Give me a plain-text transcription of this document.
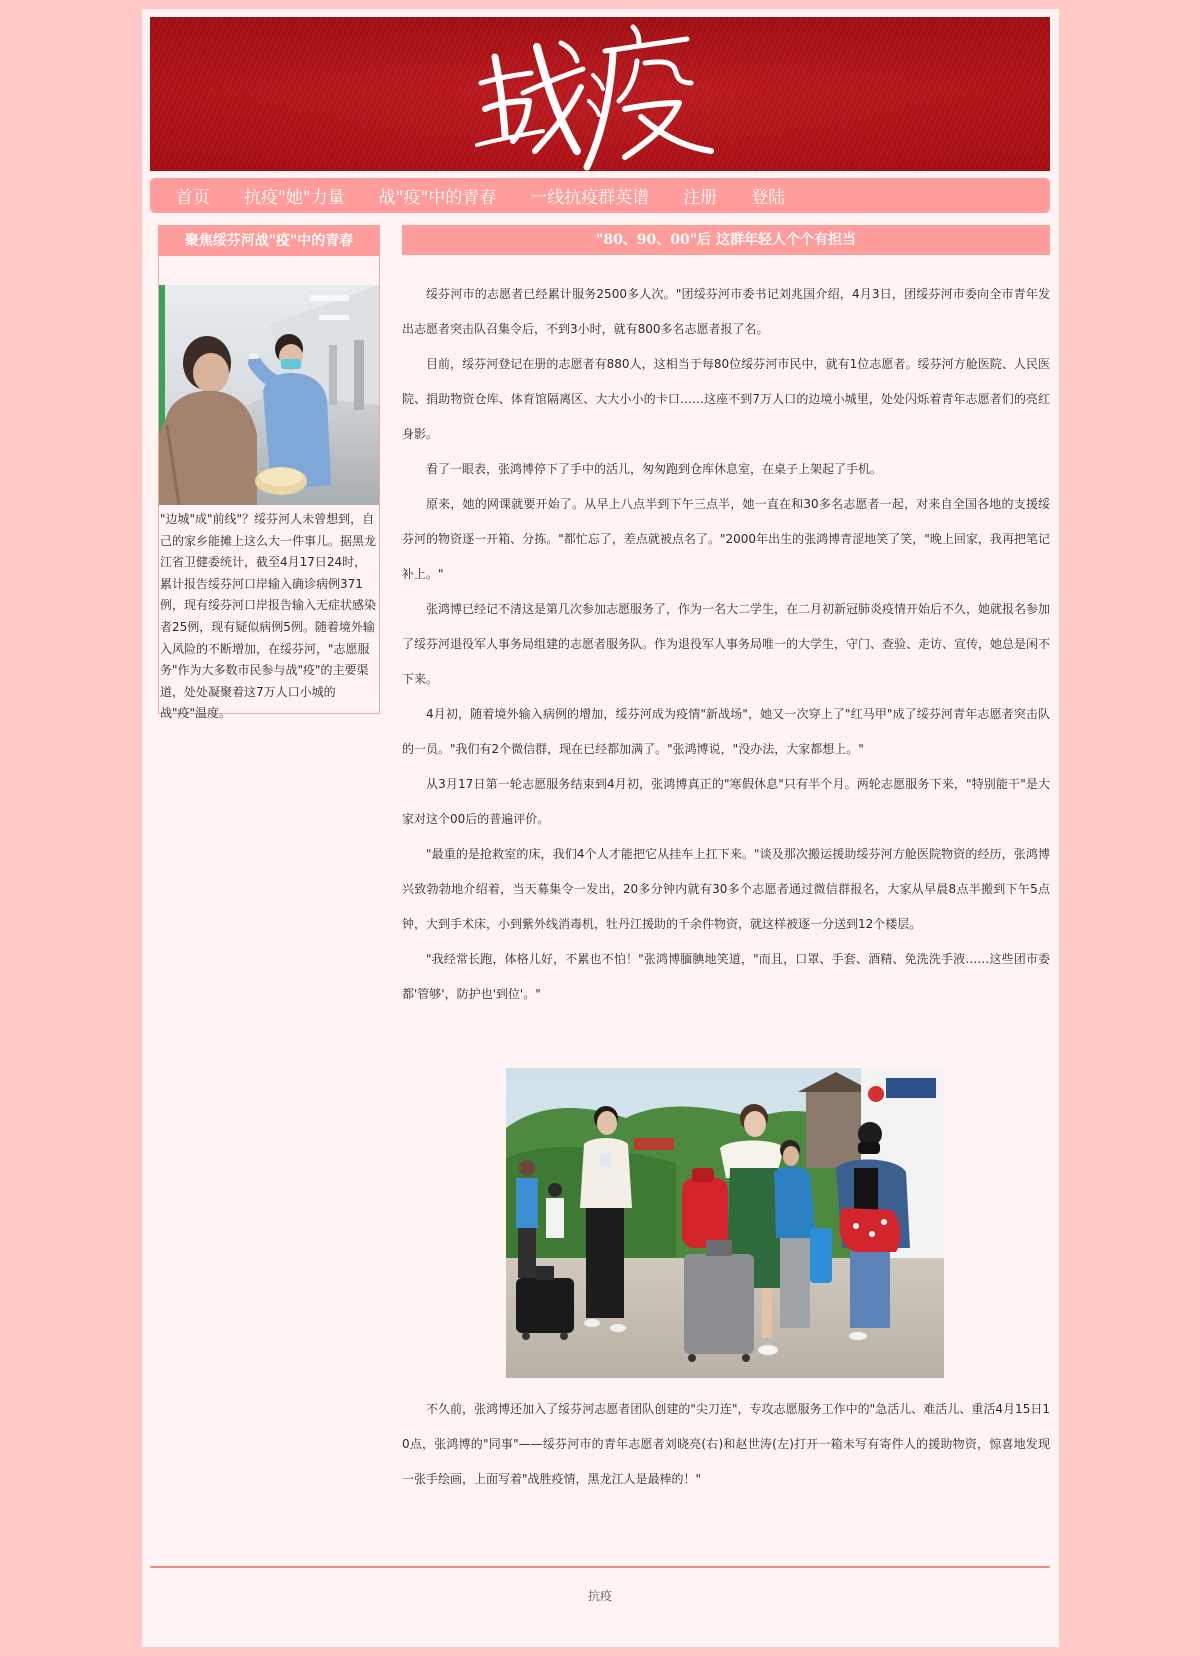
首页 抗疫"她"力量 战"疫"中的青春 一线抗疫群英谱 注册 登陆
聚焦绥芬河战"疫"中的青春
"边城"成"前线"？绥芬河人未曾想到，自己的家乡能摊上这么大一件事儿。据黑龙江省卫健委统计，截至4月17日24时，累计报告绥芬河口岸输入确诊病例371例，现有绥芬河口岸报告输入无症状感染者25例，现有疑似病例5例。随着境外输入风险的不断增加，在绥芬河，"志愿服务"作为大多数市民参与战"疫"的主要渠道，处处凝聚着这7万人口小城的战"疫"温度。
"80、90、00"后 这群年轻人个个有担当

绥芬河市的志愿者已经累计服务2500多人次。"团绥芬河市委书记刘兆国介绍，4月3日，团绥芬河市委向全市青年发出志愿者突击队召集令后，不到3小时，就有800多名志愿者报了名。

目前，绥芬河登记在册的志愿者有880人，这相当于每80位绥芬河市民中，就有1位志愿者。绥芬河方舱医院、人民医院、捐助物资仓库、体育馆隔离区、大大小小的卡口……这座不到7万人口的边境小城里，处处闪烁着青年志愿者们的亮红身影。

看了一眼表，张鸿博停下了手中的活儿，匆匆跑到仓库休息室，在桌子上架起了手机。

原来，她的网课就要开始了。从早上八点半到下午三点半，她一直在和30多名志愿者一起，对来自全国各地的支援绥芬河的物资逐一开箱、分拣。"都忙忘了，差点就被点名了。"2000年出生的张鸿博青涩地笑了笑，"晚上回家，我再把笔记补上。"

张鸿博已经记不清这是第几次参加志愿服务了，作为一名大二学生，在二月初新冠肺炎疫情开始后不久，她就报名参加了绥芬河退役军人事务局组建的志愿者服务队。作为退役军人事务局唯一的大学生，守门、查验、走访、宣传，她总是闲不下来。

4月初，随着境外输入病例的增加，绥芬河成为疫情"新战场"，她又一次穿上了"红马甲"成了绥芬河青年志愿者突击队的一员。"我们有2个微信群，现在已经都加满了。"张鸿博说，"没办法，大家都想上。"

从3月17日第一轮志愿服务结束到4月初，张鸿博真正的"寒假休息"只有半个月。两轮志愿服务下来，"特别能干"是大家对这个00后的普遍评价。

"最重的是抢救室的床，我们4个人才能把它从挂车上扛下来。"谈及那次搬运援助绥芬河方舱医院物资的经历，张鸿博兴致勃勃地介绍着，当天募集令一发出，20多分钟内就有30多个志愿者通过微信群报名，大家从早晨8点半搬到下午5点钟，大到手术床，小到紫外线消毒机，牡丹江援助的千余件物资，就这样被逐一分送到12个楼层。

"我经常长跑，体格儿好，不累也不怕！"张鸿博腼腆地笑道，"而且，口罩、手套、酒精、免洗洗手液……这些团市委都'管够'，防护也'到位'。"

不久前，张鸿博还加入了绥芬河志愿者团队创建的"尖刀连"，专攻志愿服务工作中的"急活儿、难活儿、重活4月15日10点，张鸿博的"同事"——绥芬河市的青年志愿者刘晓亮(右)和赵世涛(左)打开一箱未写有寄件人的援助物资，惊喜地发现一张手绘画，上面写着"战胜疫情，黑龙江人是最棒的！"

抗疫
